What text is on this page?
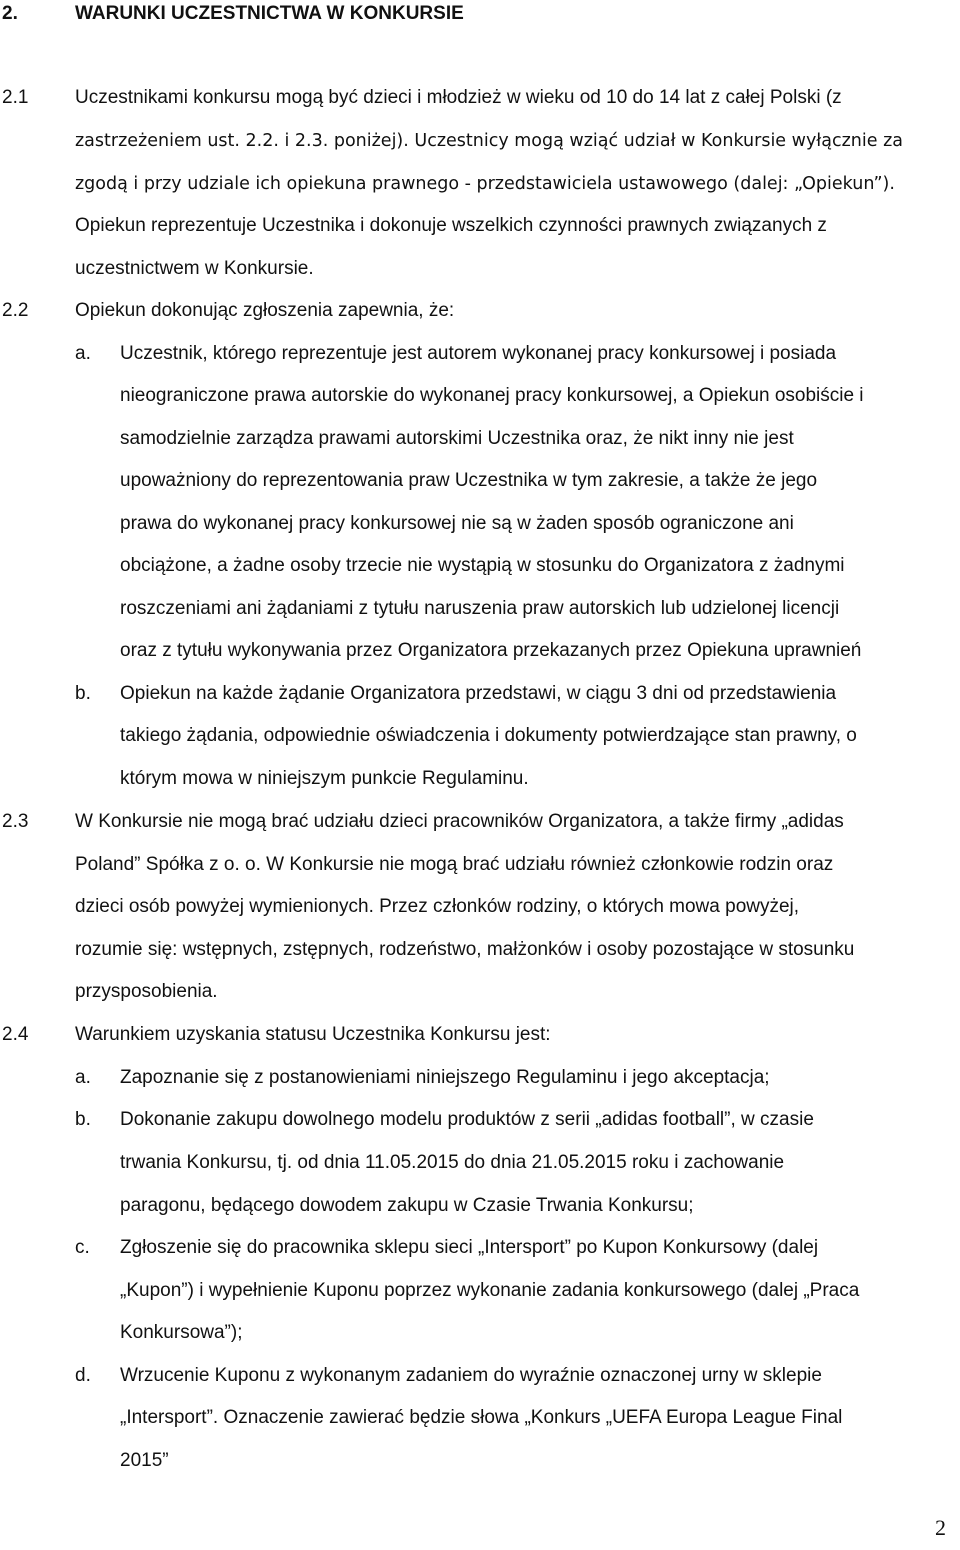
2.	WARUNKI UCZESTNICTWA W KONKURSIE
2.1 Uczestnikami konkursu mogą być dzieci i młodzież w wieku od 10 do 14 lat z całej Polski (z
zastrzeżeniem ust. 2.2. i 2.3. poniżej). Uczestnicy mogą wziąć udział w Konkursie wyłącznie za
zgodą i przy udziale ich opiekuna prawnego - przedstawiciela ustawowego (dalej: „Opiekun”).
Opiekun reprezentuje Uczestnika i dokonuje wszelkich czynności prawnych związanych z
uczestnictwem w Konkursie.
2.2 Opiekun dokonując zgłoszenia zapewnia, że:
a. Uczestnik, którego reprezentuje jest autorem wykonanej pracy konkursowej i posiada
nieograniczone prawa autorskie do wykonanej pracy konkursowej, a Opiekun osobiście i
samodzielnie zarządza prawami autorskimi Uczestnika oraz, że nikt inny nie jest
upoważniony do reprezentowania praw Uczestnika w tym zakresie, a także że jego
prawa do wykonanej pracy konkursowej nie są w żaden sposób ograniczone ani
obciążone, a żadne osoby trzecie nie wystąpią w stosunku do Organizatora z żadnymi
roszczeniami ani żądaniami z tytułu naruszenia praw autorskich lub udzielonej licencji
oraz z tytułu wykonywania przez Organizatora przekazanych przez Opiekuna uprawnień
b. Opiekun na każde żądanie Organizatora przedstawi, w ciągu 3 dni od przedstawienia
takiego żądania, odpowiednie oświadczenia i dokumenty potwierdzające stan prawny, o
którym mowa w niniejszym punkcie Regulaminu.
2.3 W Konkursie nie mogą brać udziału dzieci pracowników Organizatora, a także firmy „adidas
Poland” Spółka z o. o. W Konkursie nie mogą brać udziału również członkowie rodzin oraz
dzieci osób powyżej wymienionych. Przez członków rodziny, o których mowa powyżej,
rozumie się: wstępnych, zstępnych, rodzeństwo, małżonków i osoby pozostające w stosunku
przysposobienia.
2.4 Warunkiem uzyskania statusu Uczestnika Konkursu jest:
a. Zapoznanie się z postanowieniami niniejszego Regulaminu i jego akceptacja;
b. Dokonanie zakupu dowolnego modelu produktów z serii „adidas football”, w czasie
trwania Konkursu, tj. od dnia 11.05.2015 do dnia 21.05.2015 roku i zachowanie
paragonu, będącego dowodem zakupu w Czasie Trwania Konkursu;
c. Zgłoszenie się do pracownika sklepu sieci „Intersport” po Kupon Konkursowy (dalej
„Kupon”) i wypełnienie Kuponu poprzez wykonanie zadania konkursowego (dalej „Praca
Konkursowa”);
d. Wrzucenie Kuponu z wykonanym zadaniem do wyraźnie oznaczonej urny w sklepie
„Intersport”. Oznaczenie zawierać będzie słowa „Konkurs „UEFA Europa League Final
2015”
2
